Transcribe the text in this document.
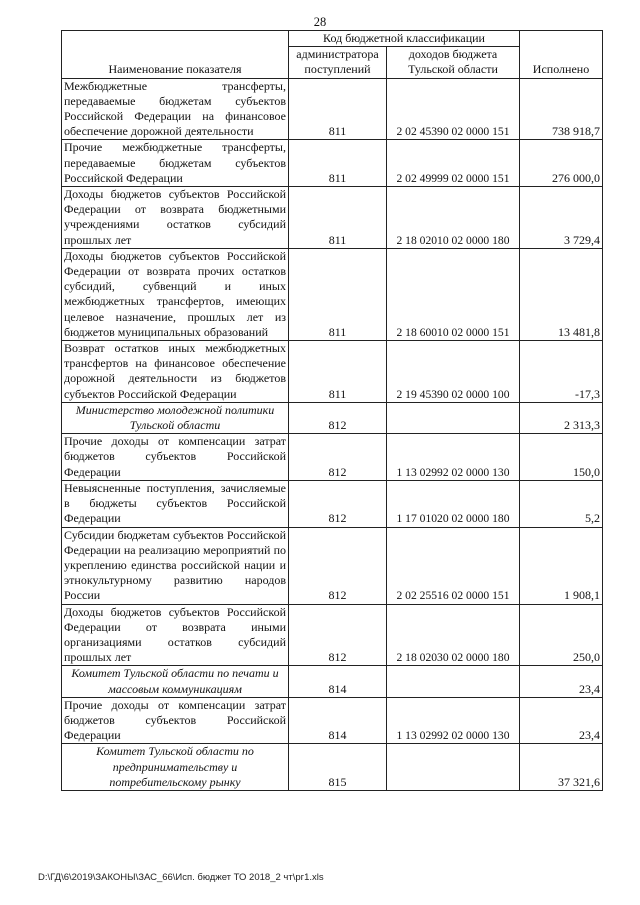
28
Наименование показателя	Код бюджетной классификации		Исполнено
	администратора поступлений	доходов бюджета Тульской области	
Межбюджетные трансферты, передаваемые бюджетам субъектов Российской Федерации на финансовое обеспечение дорожной деятельности	811	2 02 45390 02 0000 151	738 918,7
Прочие межбюджетные трансферты, передаваемые бюджетам субъектов Российской Федерации	811	2 02 49999 02 0000 151	276 000,0
Доходы бюджетов субъектов Российской Федерации от возврата бюджетными учреждениями остатков субсидий прошлых лет	811	2 18 02010 02 0000 180	3 729,4
Доходы бюджетов субъектов Российской Федерации от возврата прочих остатков субсидий, субвенций и иных межбюджетных трансфертов, имеющих целевое назначение, прошлых лет из бюджетов муниципальных образований	811	2 18 60010 02 0000 151	13 481,8
Возврат остатков иных межбюджетных трансфертов на финансовое обеспечение дорожной деятельности из бюджетов субъектов Российской Федерации	811	2 19 45390 02 0000 100	-17,3
Министерство молодежной политики Тульской области	812		2 313,3
Прочие доходы от компенсации затрат бюджетов субъектов Российской Федерации	812	1 13 02992 02 0000 130	150,0
Невыясненные поступления, зачисляемые в бюджеты субъектов Российской Федерации	812	1 17 01020 02 0000 180	5,2
Субсидии бюджетам субъектов Российской Федерации на реализацию мероприятий по укреплению единства российской нации и этнокультурному развитию народов России	812	2 02 25516 02 0000 151	1 908,1
Доходы бюджетов субъектов Российской Федерации от возврата иными организациями остатков субсидий прошлых лет	812	2 18 02030 02 0000 180	250,0
Комитет Тульской области по печати и массовым коммуникациям	814		23,4
Прочие доходы от компенсации затрат бюджетов субъектов Российской Федерации	814	1 13 02992 02 0000 130	23,4
Комитет Тульской области по предпринимательству и потребительскому рынку	815		37 321,6
D:\ГД\6\2019\ЗАКОНЫ\ЗАС_66\Исп. бюджет ТО 2018_2 чт\рг1.xls
